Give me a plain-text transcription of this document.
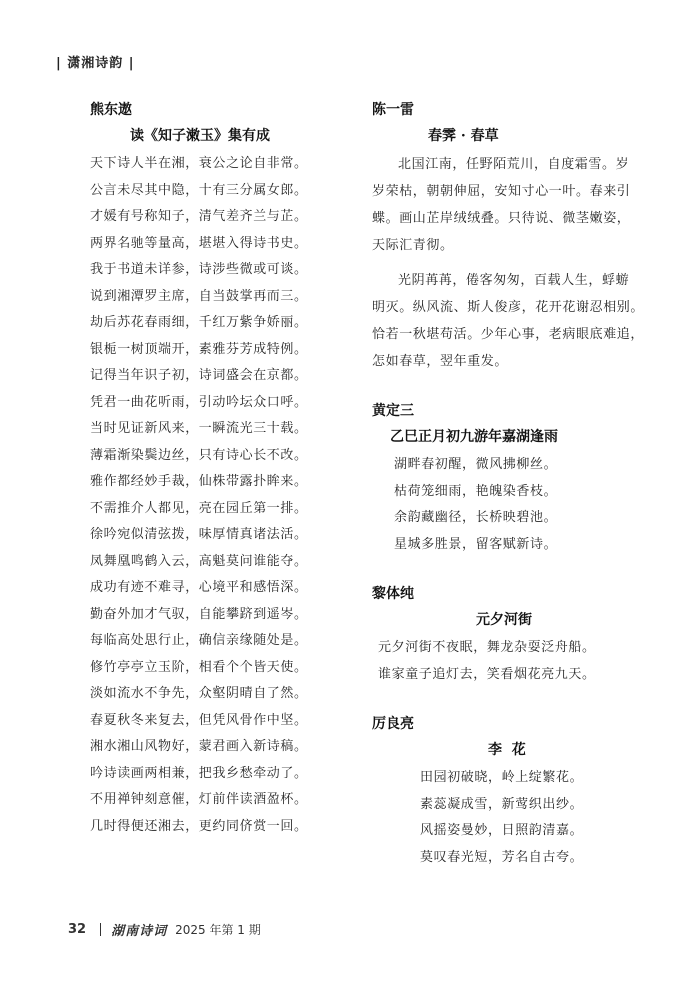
| 潇湘诗韵 |
熊东遨
读《知子潄玉》集有成
天下诗人半在湘，衰公之论自非常。
公言未尽其中隐，十有三分属女郎。
才媛有号称知子，清气差齐兰与芷。
两界名驰等量高，堪堪入得诗书史。
我于书道未详参，诗涉些微或可谈。
说到湘潭罗主席，自当鼓掌再而三。
劫后苏花春雨细，千红万紫争娇丽。
银栀一树顶端开，素雅芬芳成特例。
记得当年识子初，诗词盛会在京都。
凭君一曲花听雨，引动吟坛众口呼。
当时见证新风来，一瞬流光三十载。
薄霜渐染鬓边丝，只有诗心长不改。
雅作都经妙手裁，仙株带露扑眸来。
不需推介人都见，亮在园丘第一排。
徐吟宛似清弦拨，味厚情真诸法活。
凤舞凰鸣鹤入云，高魁莫问谁能夺。
成功有迹不难寻，心境平和感悟深。
勤奋外加才气驭，自能攀跻到遥岑。
每临高处思行止，确信亲缘随处是。
修竹亭亭立玉阶，相看个个皆天使。
淡如流水不争先，众壑阴晴自了然。
春夏秋冬来复去，但凭风骨作中坚。
湘水湘山风物好，蒙君画入新诗稿。
吟诗读画两相兼，把我乡愁牵动了。
不用禅钟刻意催，灯前伴读酒盈杯。
几时得便还湘去，更约同侪赏一回。
陈一雷
春霁 · 春草

北国江南，任野陌荒川，自度霜雪。岁
岁荣枯，朝朝伸屈，安知寸心一叶。春来引
蝶。画山芷岸绒绒叠。只待说、微茎嫩姿，
天际汇青彻。

光阴苒苒，倦客匆匆，百载人生，蜉蝣
明灭。纵风流、斯人俊彦，花开花谢忍相别。
恰若一秋堪苟活。少年心事，老病眼底难追，
怎如春草，翌年重发。

黄定三
乙巳正月初九游年嘉湖逢雨
湖畔春初醒，微风拂柳丝。
枯荷笼细雨，艳魄染香枝。
余韵藏幽径，长桥映碧池。
星城多胜景，留客赋新诗。
黎体纯
元夕河街
元夕河街不夜眠，舞龙杂耍泛舟船。
谁家童子追灯去，笑看烟花亮九天。
厉良亮
李  花
田园初破晓，岭上绽繁花。
素蕊凝成雪，新莺织出纱。
风摇姿曼妙，日照韵清嘉。
莫叹春光短，芳名自古夸。
32 湖南诗词 2025 年第 1 期
